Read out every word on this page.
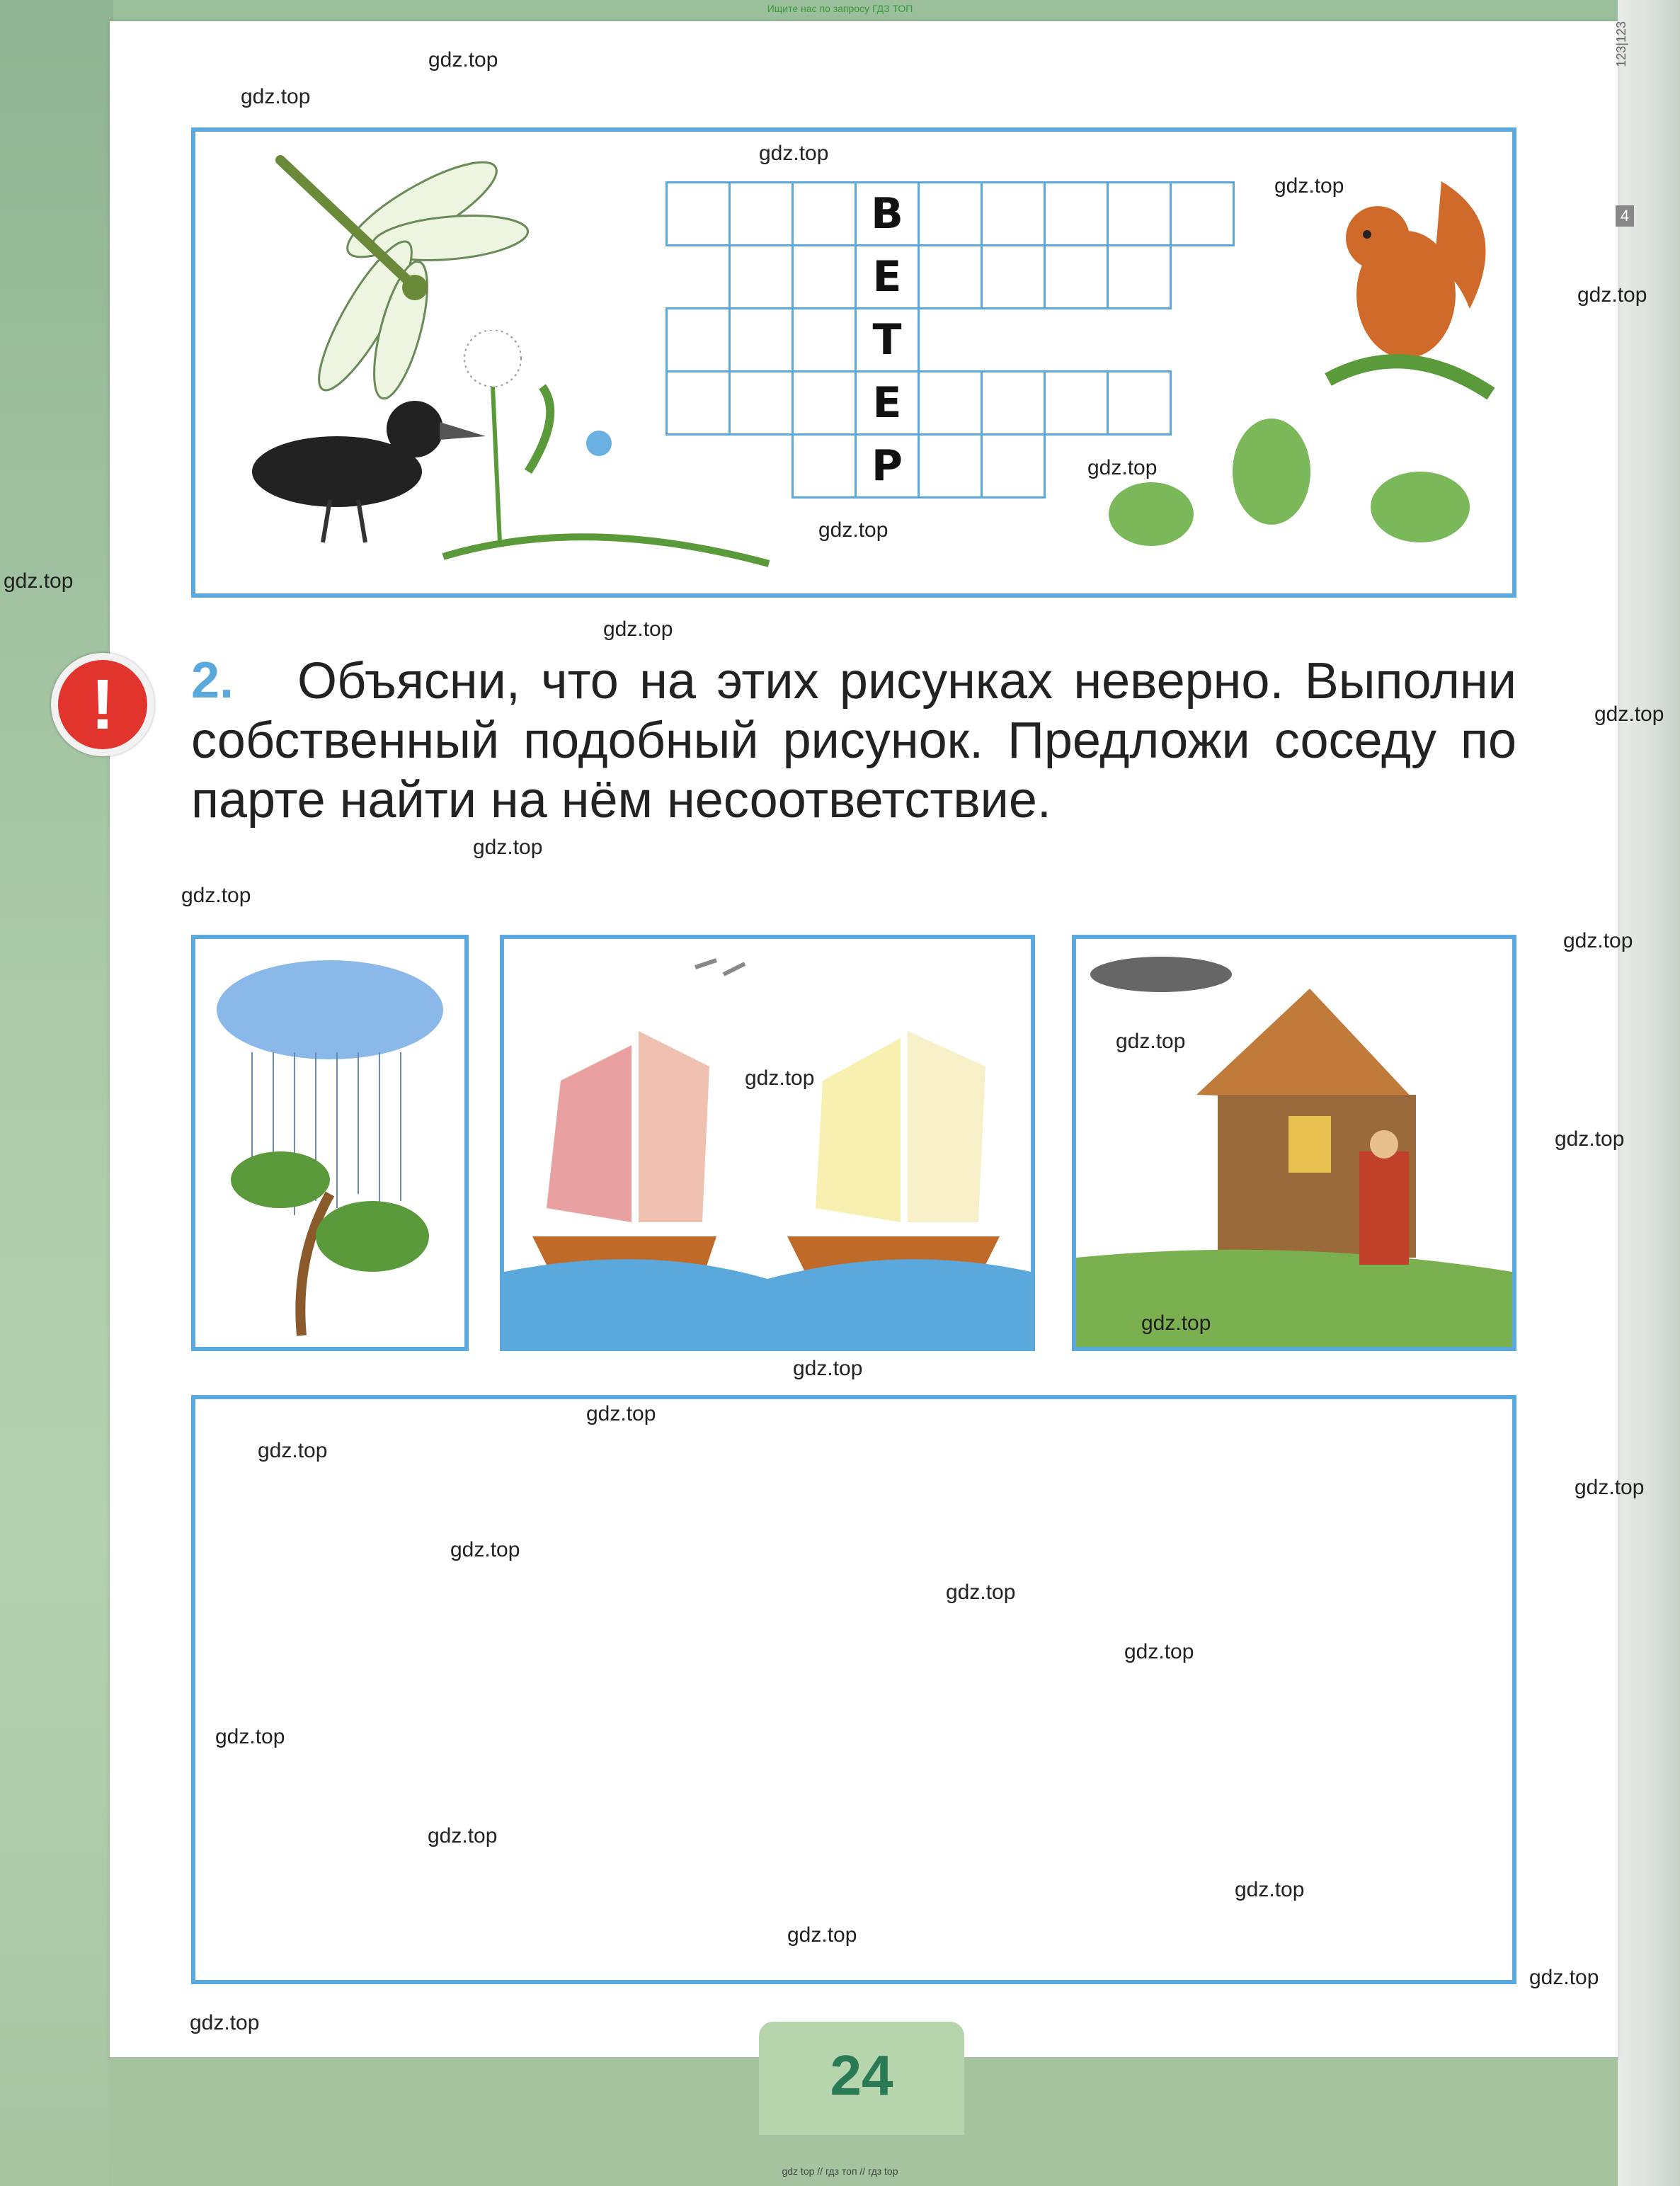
Ищите нас по запросу ГДЗ ТОП
123|123
4
В
Е
Т
Е
Р
!	Объясни, что на этих рисунках неверно. Выполни собственный подобный рисунок. Предложи соседу по парте найти на нём несоответствие.
2.
24
gdz top // гдз топ // гдз top
gdz.top
gdz.top
gdz.top
gdz.top
gdz.top
gdz.top
gdz.top
gdz.top
gdz.top
gdz.top
gdz.top
gdz.top
gdz.top
gdz.top
gdz.top
gdz.top
gdz.top
gdz.top
gdz.top
gdz.top
gdz.top
gdz.top
gdz.top
gdz.top
gdz.top
gdz.top
gdz.top
gdz.top
gdz.top
gdz.top
